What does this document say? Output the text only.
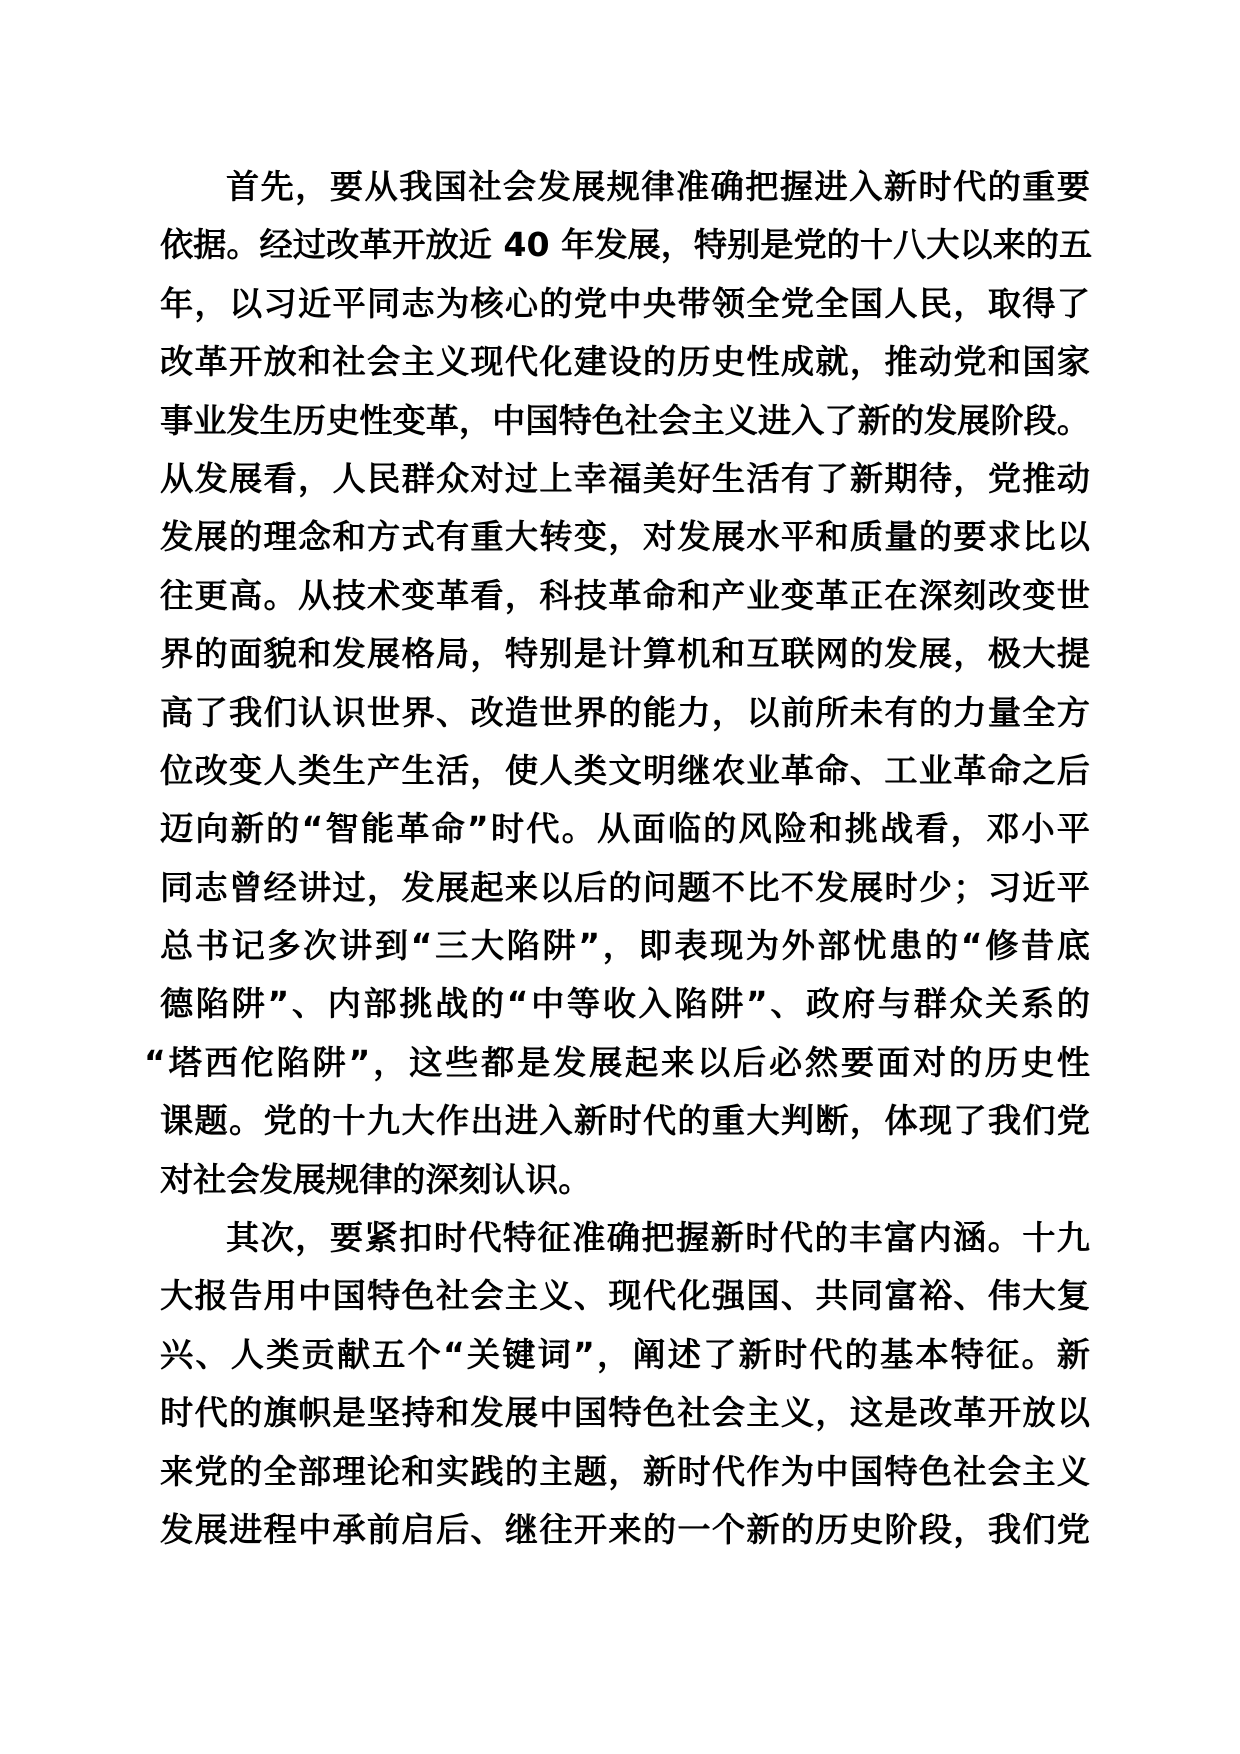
首先，要从我国社会发展规律准确把握进入新时代的重要
依据。经过改革开放近 40 年发展，特别是党的十八大以来的五
年，以习近平同志为核心的党中央带领全党全国人民，取得了
改革开放和社会主义现代化建设的历史性成就，推动党和国家
事业发生历史性变革，中国特色社会主义进入了新的发展阶段。
从发展看，人民群众对过上幸福美好生活有了新期待，党推动
发展的理念和方式有重大转变，对发展水平和质量的要求比以
往更高。从技术变革看，科技革命和产业变革正在深刻改变世
界的面貌和发展格局，特别是计算机和互联网的发展，极大提
高了我们认识世界、改造世界的能力，以前所未有的力量全方
位改变人类生产生活，使人类文明继农业革命、工业革命之后
迈向新的“智能革命”时代。从面临的风险和挑战看，邓小平
同志曾经讲过，发展起来以后的问题不比不发展时少；习近平
总书记多次讲到“三大陷阱”，即表现为外部忧患的“修昔底
德陷阱”、内部挑战的“中等收入陷阱”、政府与群众关系的
“塔西佗陷阱”，这些都是发展起来以后必然要面对的历史性
课题。党的十九大作出进入新时代的重大判断，体现了我们党
对社会发展规律的深刻认识。
其次，要紧扣时代特征准确把握新时代的丰富内涵。十九
大报告用中国特色社会主义、现代化强国、共同富裕、伟大复
兴、人类贡献五个“关键词”，阐述了新时代的基本特征。新
时代的旗帜是坚持和发展中国特色社会主义，这是改革开放以
来党的全部理论和实践的主题，新时代作为中国特色社会主义
发展进程中承前启后、继往开来的一个新的历史阶段，我们党
